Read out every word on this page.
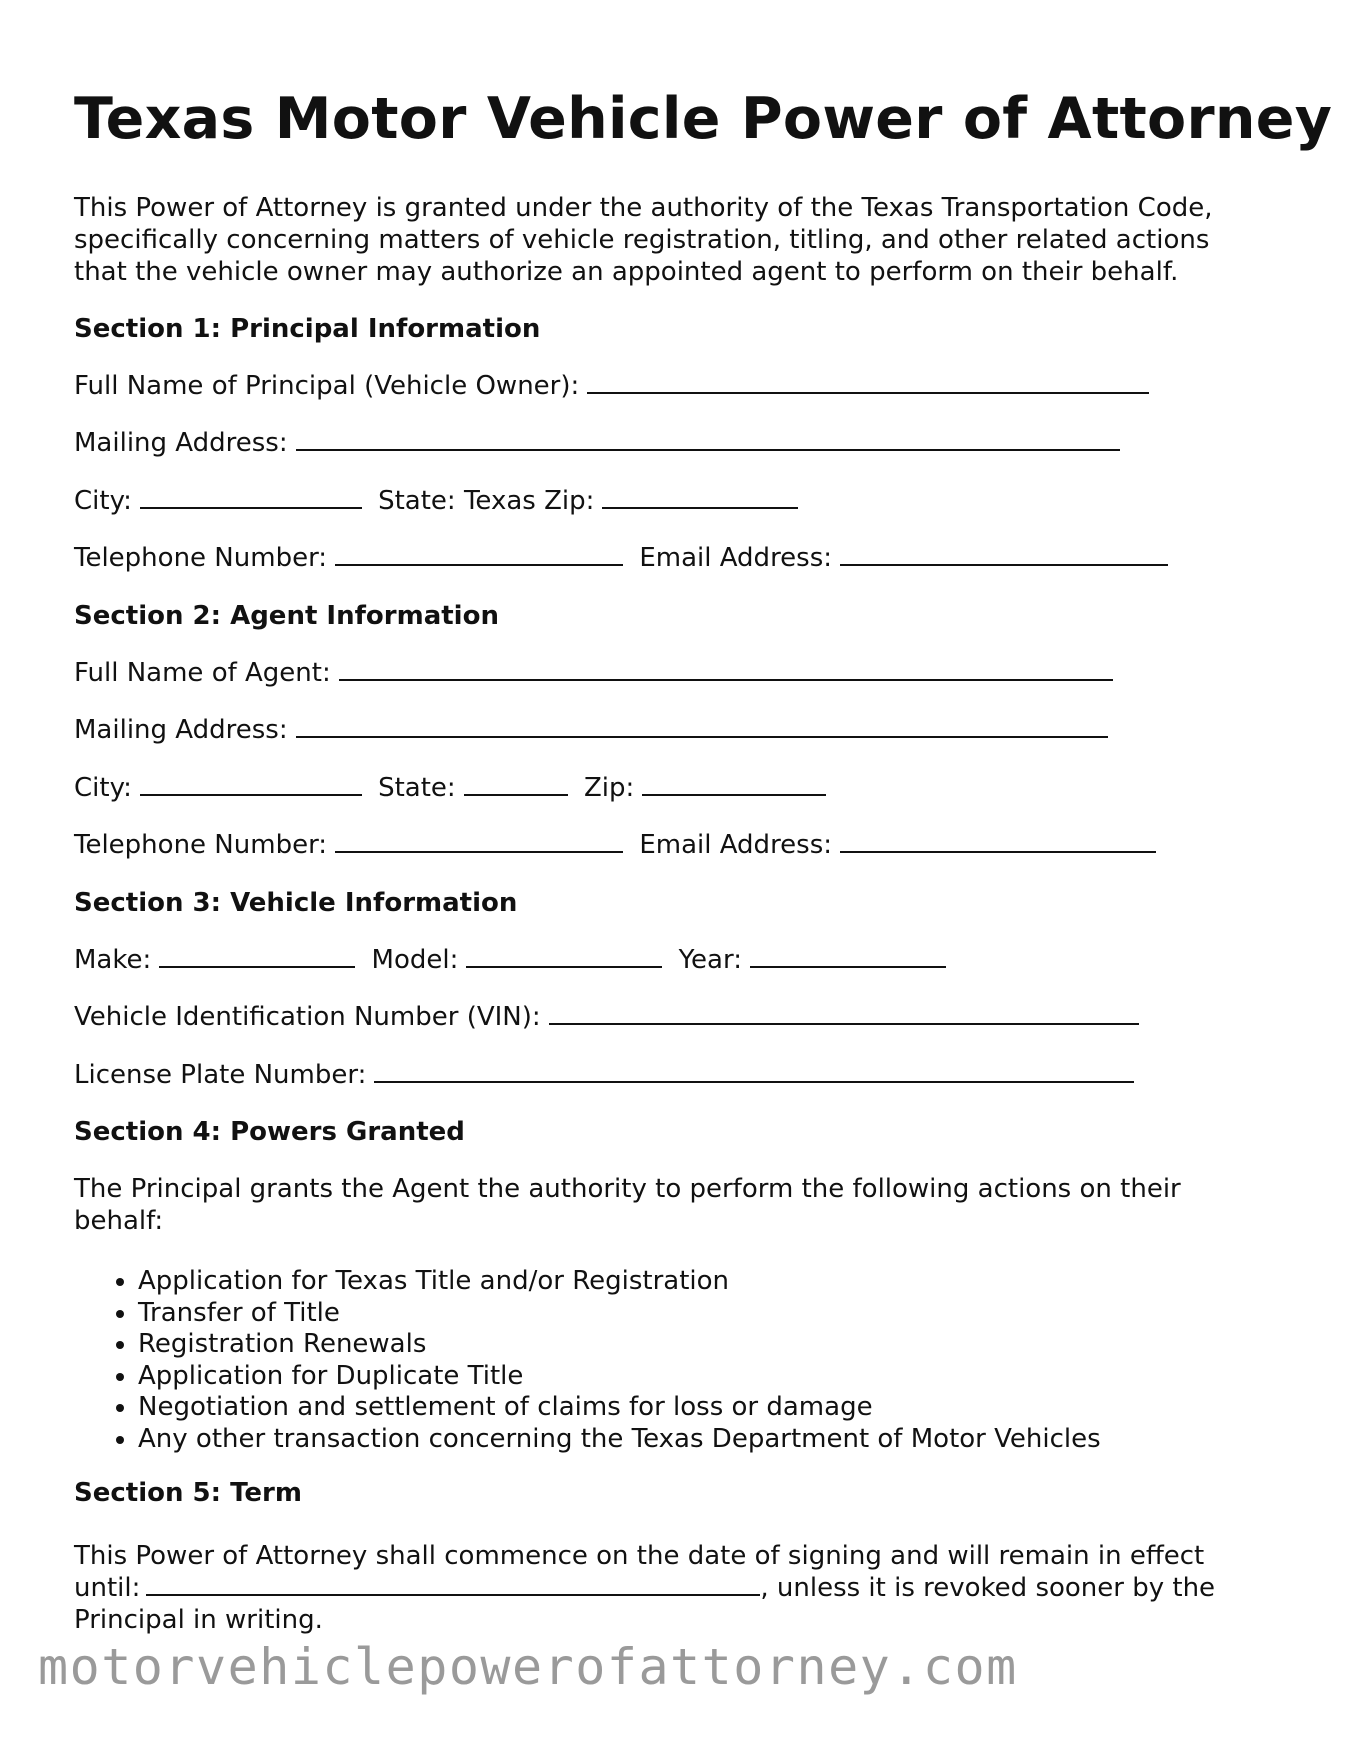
Texas Motor Vehicle Power of Attorney

This Power of Attorney is granted under the authority of the Texas Transportation Code, specifically concerning matters of vehicle registration, titling, and other related actions that the vehicle owner may authorize an appointed agent to perform on their behalf.

Section 1: Principal Information
Full Name of Principal (Vehicle Owner):
Mailing Address:
City:	State: Texas Zip:
Telephone Number:	Email Address:
Section 2: Agent Information
Full Name of Agent:
Mailing Address:
City:	State:	Zip:
Telephone Number:	Email Address:
Section 3: Vehicle Information
Make:	Model:	Year:
Vehicle Identification Number (VIN):
License Plate Number:
Section 4: Powers Granted

The Principal grants the Agent the authority to perform the following actions on their behalf:

• Application for Texas Title and/or Registration
• Transfer of Title
• Registration Renewals
• Application for Duplicate Title
• Negotiation and settlement of claims for loss or damage
• Any other transaction concerning the Texas Department of Motor Vehicles
Section 5: Term
This Power of Attorney shall commence on the date of signing and will remain in effect until:	, unless it is revoked sooner by the Principal in writing.
motorvehiclepowerofattorney.com
